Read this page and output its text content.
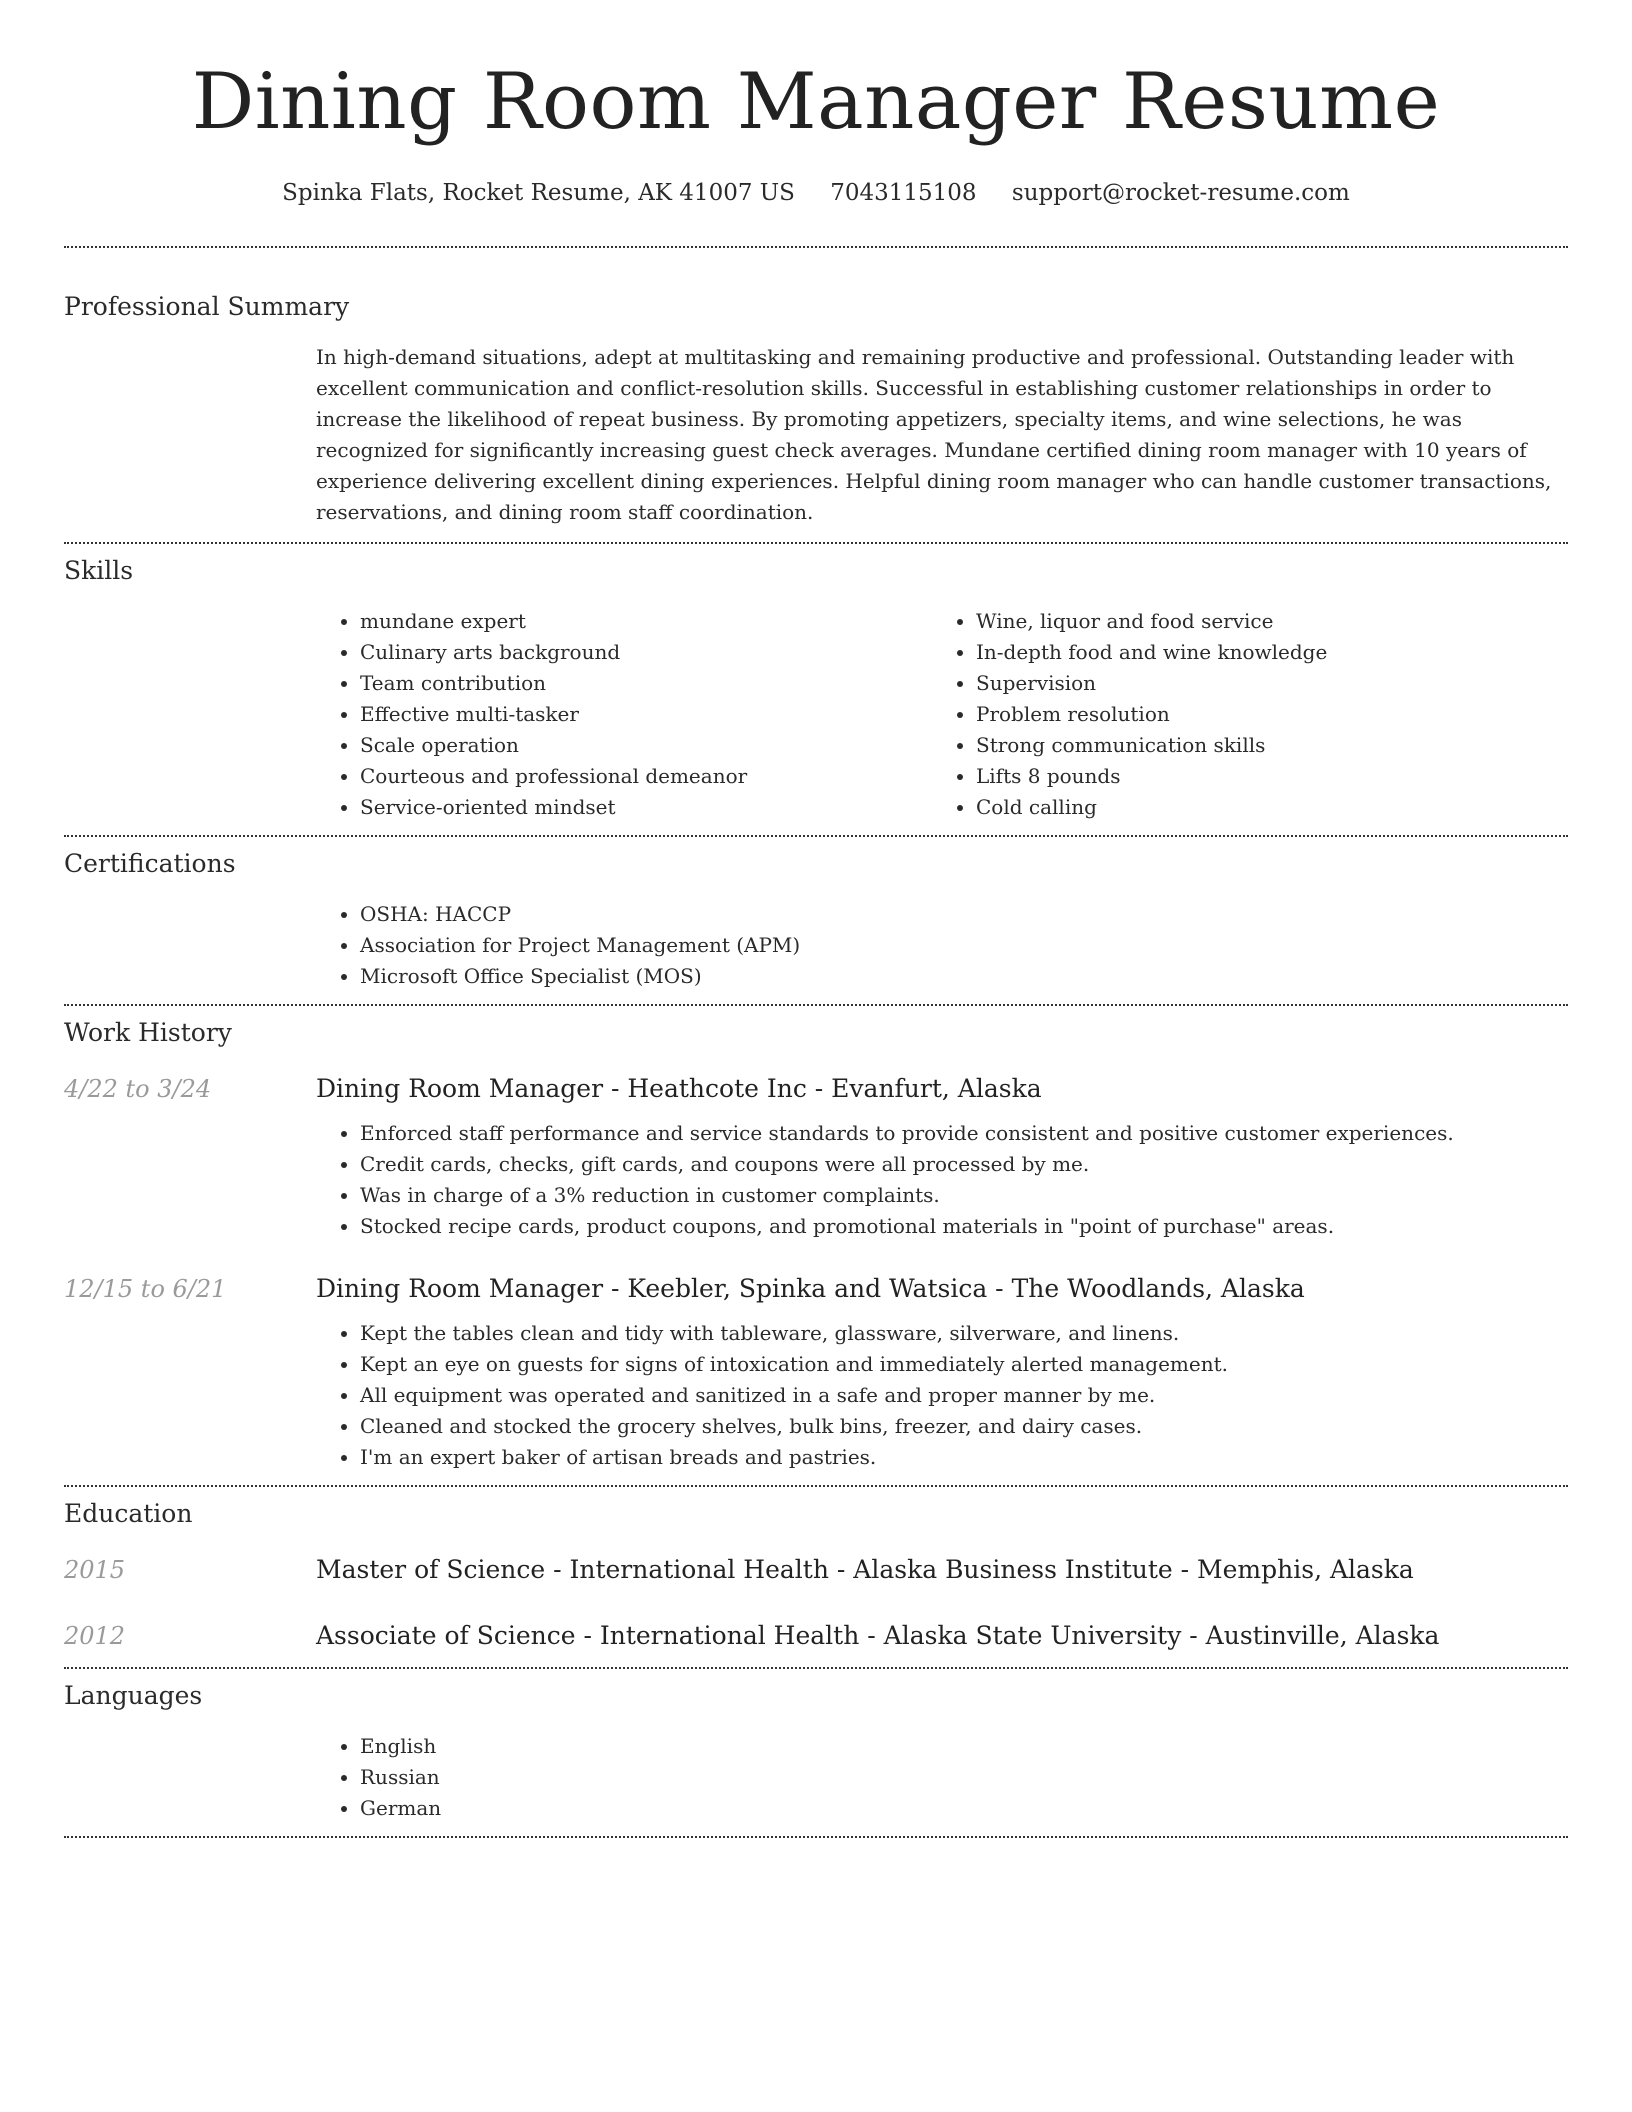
Dining Room Manager Resume
Spinka Flats, Rocket Resume, AK 41007 US 7043115108 support@rocket-resume.com
Professional Summary

In high-demand situations, adept at multitasking and remaining productive and professional. Outstanding leader with excellent communication and conflict-resolution skills. Successful in establishing customer relationships in order to increase the likelihood of repeat business. By promoting appetizers, specialty items, and wine selections, he was recognized for significantly increasing guest check averages. Mundane certified dining room manager with 10 years of experience delivering excellent dining experiences. Helpful dining room manager who can handle customer transactions, reservations, and dining room staff coordination.

Skills
• mundane expert
• Culinary arts background
• Team contribution
• Effective multi-tasker
• Scale operation
• Courteous and professional demeanor
• Service-oriented mindset
• Wine, liquor and food service
• In-depth food and wine knowledge
• Supervision
• Problem resolution
• Strong communication skills
• Lifts 8 pounds
• Cold calling
Certifications
• OSHA: HACCP
• Association for Project Management (APM)
• Microsoft Office Specialist (MOS)
Work History
4/22 to 3/24	Dining Room Manager - Heathcote Inc - Evanfurt, Alaska
• Enforced staff performance and service standards to provide consistent and positive customer experiences.
• Credit cards, checks, gift cards, and coupons were all processed by me.
• Was in charge of a 3% reduction in customer complaints.
• Stocked recipe cards, product coupons, and promotional materials in "point of purchase" areas.
12/15 to 6/21	Dining Room Manager - Keebler, Spinka and Watsica - The Woodlands, Alaska
• Kept the tables clean and tidy with tableware, glassware, silverware, and linens.
• Kept an eye on guests for signs of intoxication and immediately alerted management.
• All equipment was operated and sanitized in a safe and proper manner by me.
• Cleaned and stocked the grocery shelves, bulk bins, freezer, and dairy cases.
• I'm an expert baker of artisan breads and pastries.
Education
2015	Master of Science - International Health - Alaska Business Institute - Memphis, Alaska
2012	Associate of Science - International Health - Alaska State University - Austinville, Alaska
Languages
• English
• Russian
• German
